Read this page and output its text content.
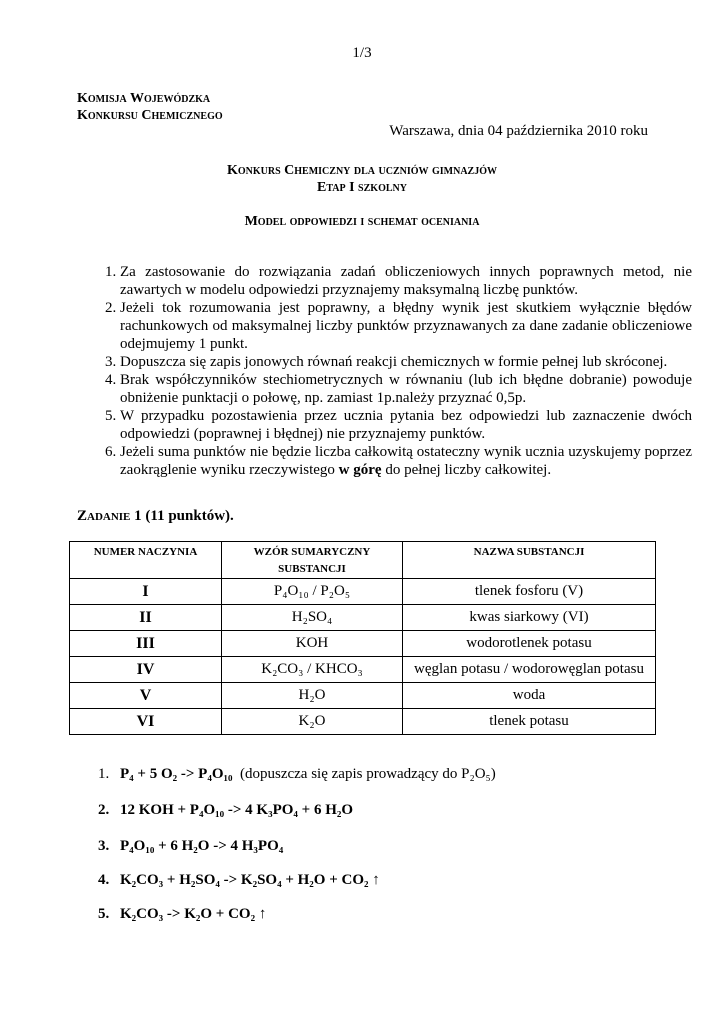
1/3
Komisja Wojewódzka
Konkursu Chemicznego
Warszawa, dnia 04 października 2010 roku
Konkurs Chemiczny dla uczniów gimnazjów
Etap I szkolny
Model odpowiedzi i schemat oceniania
1. Za zastosowanie do rozwiązania zadań obliczeniowych innych poprawnych metod, nie zawartych w modelu odpowiedzi przyznajemy maksymalną liczbę punktów.
2. Jeżeli tok rozumowania jest poprawny, a błędny wynik jest skutkiem wyłącznie błędów rachunkowych od maksymalnej liczby punktów przyznawanych za dane zadanie obliczeniowe odejmujemy 1 punkt.
3. Dopuszcza się zapis jonowych równań reakcji chemicznych w formie pełnej lub skróconej.
4. Brak współczynników stechiometrycznych w równaniu (lub ich błędne dobranie) powoduje obniżenie punktacji o połowę, np. zamiast 1p.należy przyznać 0,5p.
5. W przypadku pozostawienia przez ucznia pytania bez odpowiedzi lub zaznaczenie dwóch odpowiedzi (poprawnej i błędnej) nie przyznajemy punktów.
6. Jeżeli suma punktów nie będzie liczba całkowitą ostateczny wynik ucznia uzyskujemy poprzez zaokrąglenie wyniku rzeczywistego w górę do pełnej liczby całkowitej.
Zadanie 1 (11 punktów).
NUMER NACZYNIA	WZÓR SUMARYCZNY SUBSTANCJI	NAZWA SUBSTANCJI
I	P₄O₁₀ / P₂O₅	tlenek fosforu (V)
II	H₂SO₄	kwas siarkowy (VI)
III	KOH	wodorotlenek potasu
IV	K₂CO₃ / KHCO₃	węglan potasu / wodorowęglan potasu
V	H₂O	woda
VI	K₂O	tlenek potasu
1. P₄ + 5 O₂ -> P₄O₁₀ (dopuszcza się zapis prowadzący do P₂O₅)
2. 12 KOH + P₄O₁₀ -> 4 K₃PO₄ + 6 H₂O
3. P₄O₁₀ + 6 H₂O -> 4 H₃PO₄
4. K₂CO₃ + H₂SO₄ -> K₂SO₄ + H₂O + CO₂ ↑
5. K₂CO₃ -> K₂O + CO₂ ↑
